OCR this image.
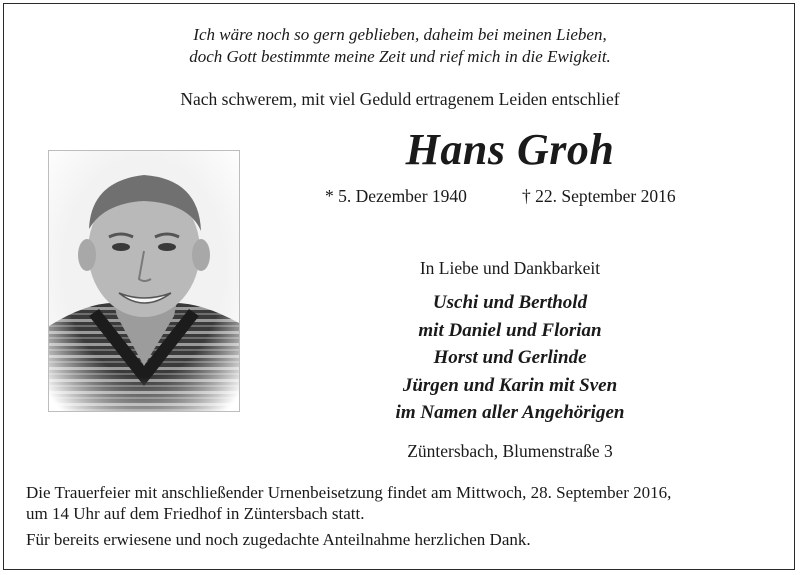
Ich wäre noch so gern geblieben, daheim bei meinen Lieben,
doch Gott bestimmte meine Zeit und rief mich in die Ewigkeit.
Nach schwerem, mit viel Geduld ertragenem Leiden entschlief
Hans Groh
* 5. Dezember 1940	† 22. September 2016
In Liebe und Dankbarkeit
Uschi und Berthold
mit Daniel und Florian
Horst und Gerlinde
Jürgen und Karin mit Sven
im Namen aller Angehörigen
Züntersbach, Blumenstraße 3
Die Trauerfeier mit anschließender Urnenbeisetzung findet am Mittwoch, 28. September 2016,
um 14 Uhr auf dem Friedhof in Züntersbach statt.
Für bereits erwiesene und noch zugedachte Anteilnahme herzlichen Dank.
